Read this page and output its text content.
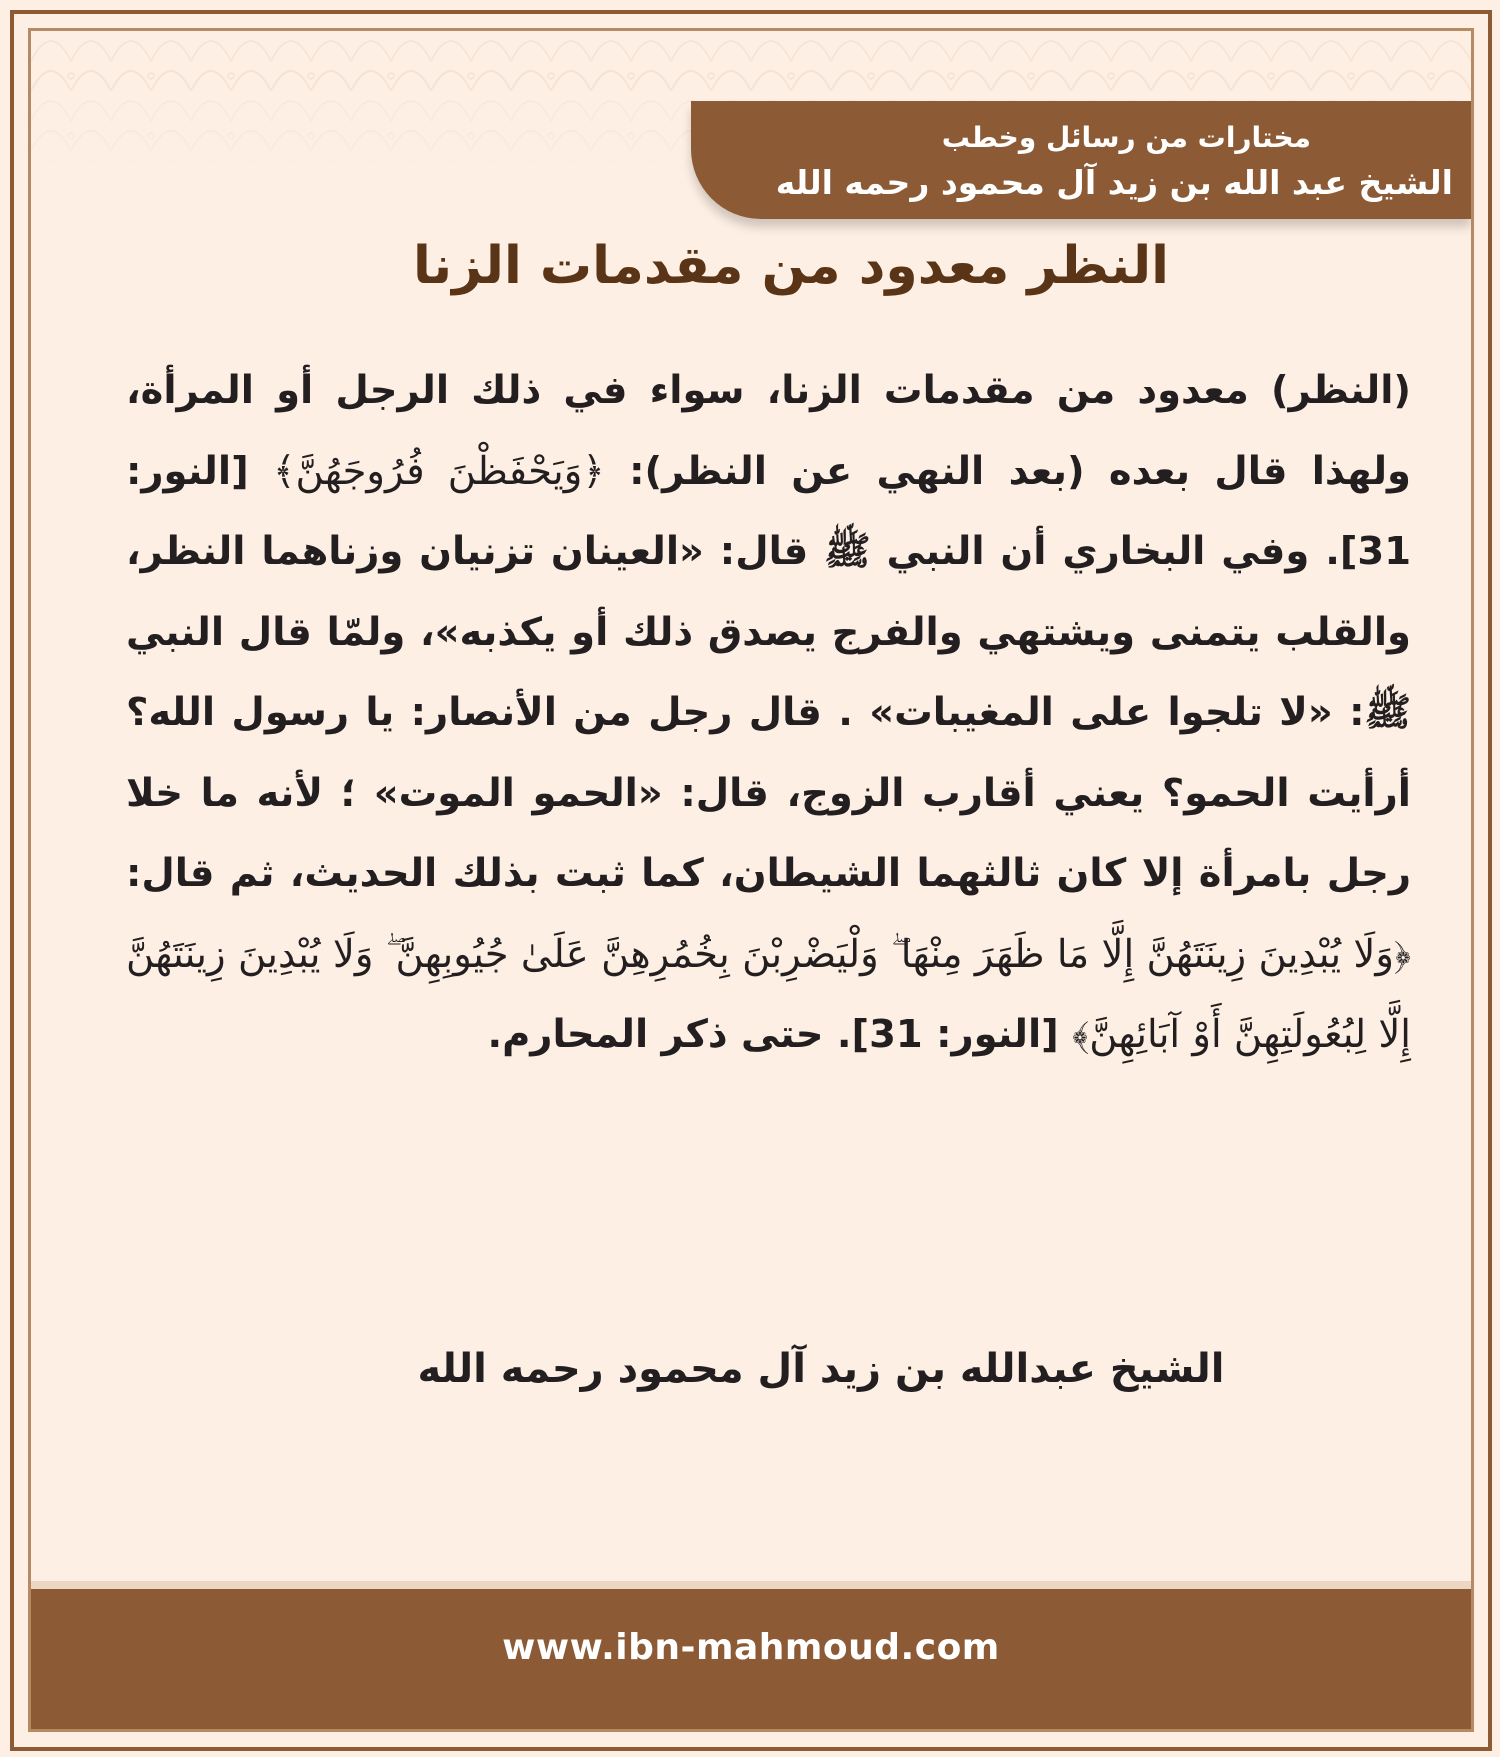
مختارات من رسائل وخطب
الشيخ عبد الله بن زيد آل محمود رحمه الله
النظر معدود من مقدمات الزنا
(النظر) معدود من مقدمات الزنا، سواء في ذلك الرجل أو المرأة، ولهذا قال بعده (بعد النهي عن النظر): ﴿وَيَحْفَظْنَ فُرُوجَهُنَّ﴾ [النور: 31]. وفي البخاري أن النبي ﷺ قال: «العينان تزنيان وزناهما النظر، والقلب يتمنى ويشتهي والفرج يصدق ذلك أو يكذبه»، ولمّا قال النبي ﷺ: «لا تلجوا على المغيبات» . قال رجل من الأنصار: يا رسول الله؟ أرأيت الحمو؟ يعني أقارب الزوج، قال: «الحمو الموت» ؛ لأنه ما خلا رجل بامرأة إلا كان ثالثهما الشيطان، كما ثبت بذلك الحديث، ثم قال: ﴿وَلَا يُبْدِينَ زِينَتَهُنَّ إِلَّا مَا ظَهَرَ مِنْهَا ۖ وَلْيَضْرِبْنَ بِخُمُرِهِنَّ عَلَىٰ جُيُوبِهِنَّ ۖ وَلَا يُبْدِينَ زِينَتَهُنَّ إِلَّا لِبُعُولَتِهِنَّ أَوْ آبَائِهِنَّ﴾ [النور: 31]. حتى ذكر المحارم.
الشيخ عبدالله بن زيد آل محمود رحمه الله
www.ibn-mahmoud.com
